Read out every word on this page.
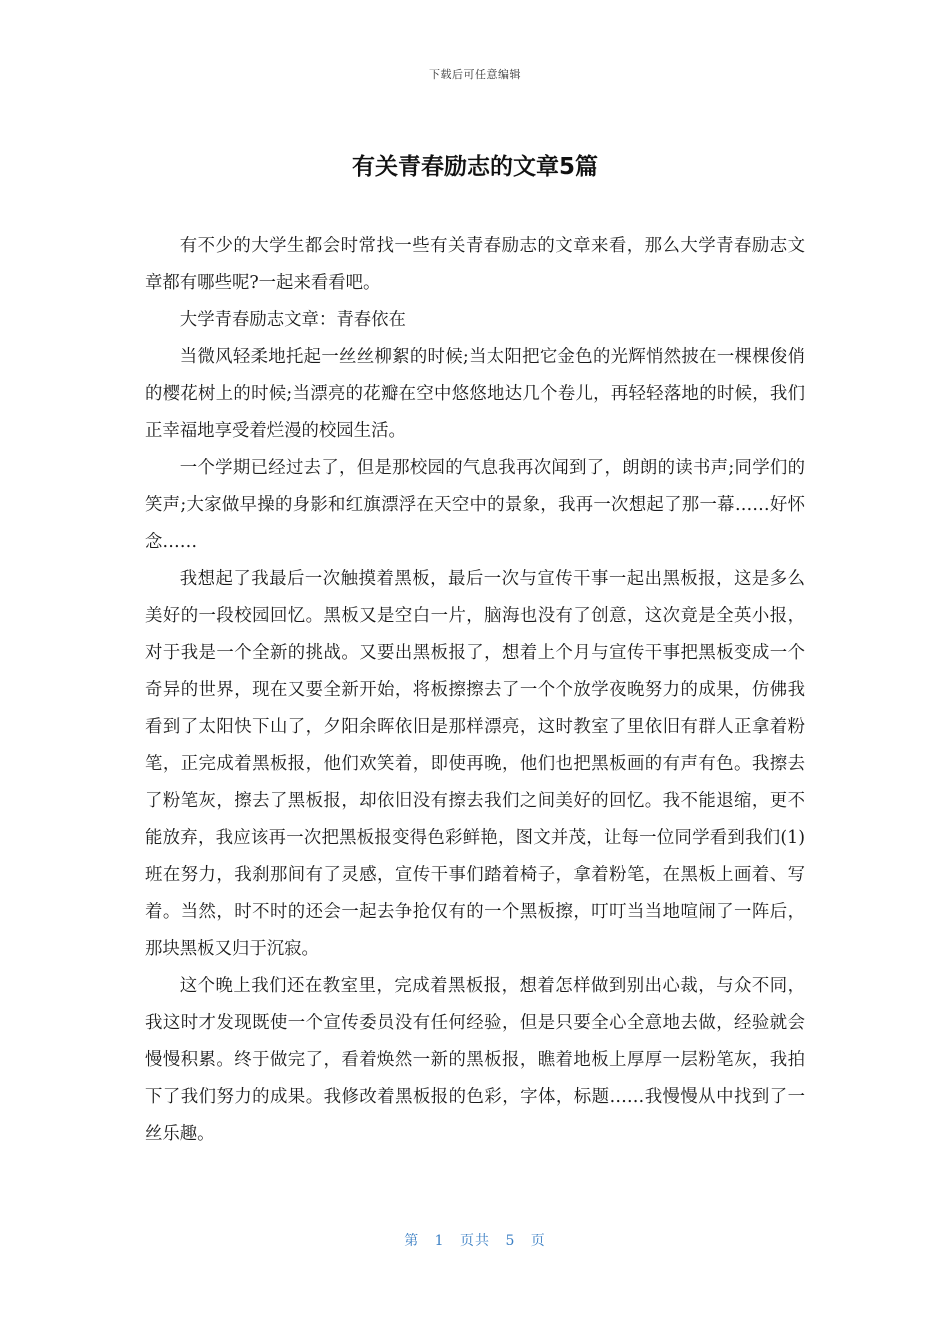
下载后可任意编辑
有关青春励志的文章5篇

有不少的大学生都会时常找一些有关青春励志的文章来看，那么大学青春励志文章都有哪些呢?一起来看看吧。

大学青春励志文章：青春依在

当微风轻柔地托起一丝丝柳絮的时候;当太阳把它金色的光辉悄然披在一棵棵俊俏的樱花树上的时候;当漂亮的花瓣在空中悠悠地达几个卷儿，再轻轻落地的时候，我们正幸福地享受着烂漫的校园生活。

一个学期已经过去了，但是那校园的气息我再次闻到了，朗朗的读书声;同学们的笑声;大家做早操的身影和红旗漂浮在天空中的景象，我再一次想起了那一幕……好怀念……

我想起了我最后一次触摸着黑板，最后一次与宣传干事一起出黑板报，这是多么美好的一段校园回忆。黑板又是空白一片，脑海也没有了创意，这次竟是全英小报，对于我是一个全新的挑战。又要出黑板报了，想着上个月与宣传干事把黑板变成一个奇异的世界，现在又要全新开始，将板擦擦去了一个个放学夜晚努力的成果，仿佛我看到了太阳快下山了，夕阳余晖依旧是那样漂亮，这时教室了里依旧有群人正拿着粉笔，正完成着黑板报，他们欢笑着，即使再晚，他们也把黑板画的有声有色。我擦去了粉笔灰，擦去了黑板报，却依旧没有擦去我们之间美好的回忆。我不能退缩，更不能放弃，我应该再一次把黑板报变得色彩鲜艳，图文并茂，让每一位同学看到我们(1)班在努力，我刹那间有了灵感，宣传干事们踏着椅子，拿着粉笔，在黑板上画着、写着。当然，时不时的还会一起去争抢仅有的一个黑板擦，叮叮当当地喧闹了一阵后，那块黑板又归于沉寂。

这个晚上我们还在教室里，完成着黑板报，想着怎样做到别出心裁，与众不同，我这时才发现既使一个宣传委员没有任何经验，但是只要全心全意地去做，经验就会慢慢积累。终于做完了，看着焕然一新的黑板报，瞧着地板上厚厚一层粉笔灰，我拍下了我们努力的成果。我修改着黑板报的色彩，字体，标题……我慢慢从中找到了一丝乐趣。

第 1 页共 5 页
